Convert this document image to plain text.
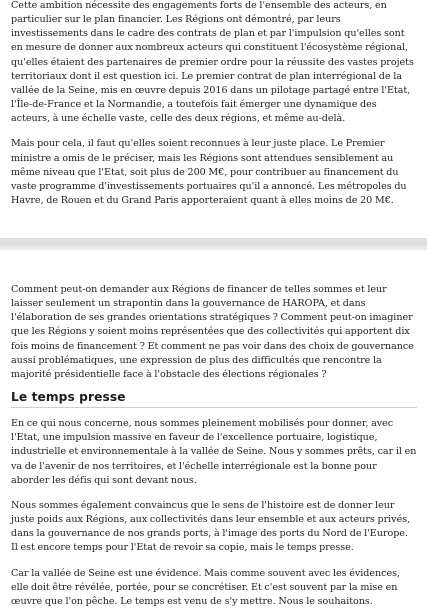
Cette ambition nécessite des engagements forts de l'ensemble des acteurs, en particulier sur le plan financier. Les Régions ont démontré, par leurs investissements dans le cadre des contrats de plan et par l'impulsion qu'elles sont en mesure de donner aux nombreux acteurs qui constituent l'écosystème régional, qu'elles étaient des partenaires de premier ordre pour la réussite des vastes projets territoriaux dont il est question ici. Le premier contrat de plan interrégional de la vallée de la Seine, mis en œuvre depuis 2016 dans un pilotage partagé entre l'Etat, l'Île-de-France et la Normandie, a toutefois fait émerger une dynamique des acteurs, à une échelle vaste, celle des deux régions, et même au-delà.

Mais pour cela, il faut qu'elles soient reconnues à leur juste place. Le Premier ministre a omis de le préciser, mais les Régions sont attendues sensiblement au même niveau que l'Etat, soit plus de 200 M€, pour contribuer au financement du vaste programme d'investissements portuaires qu'il a annoncé. Les métropoles du Havre, de Rouen et du Grand Paris apporteraient quant à elles moins de 20 M€.

Comment peut-on demander aux Régions de financer de telles sommes et leur laisser seulement un strapontin dans la gouvernance de HAROPA, et dans l'élaboration de ses grandes orientations stratégiques ? Comment peut-on imaginer que les Régions y soient moins représentées que des collectivités qui apportent dix fois moins de financement ? Et comment ne pas voir dans des choix de gouvernance aussi problématiques, une expression de plus des difficultés que rencontre la majorité présidentielle face à l'obstacle des élections régionales ?

Le temps presse

En ce qui nous concerne, nous sommes pleinement mobilisés pour donner, avec l'Etat, une impulsion massive en faveur de l'excellence portuaire, logistique, industrielle et environnementale à la vallée de Seine. Nous y sommes prêts, car il en va de l'avenir de nos territoires, et l'échelle interrégionale est la bonne pour aborder les défis qui sont devant nous.

Nous sommes également convaincus que le sens de l'histoire est de donner leur juste poids aux Régions, aux collectivités dans leur ensemble et aux acteurs privés, dans la gouvernance de nos grands ports, à l'image des ports du Nord de l'Europe. Il est encore temps pour l'Etat de revoir sa copie, mais le temps presse.

Car la vallée de Seine est une évidence. Mais comme souvent avec les évidences, elle doit être révélée, portée, pour se concrétiser. Et c'est souvent par la mise en œuvre que l'on pêche. Le temps est venu de s'y mettre. Nous le souhaitons.
